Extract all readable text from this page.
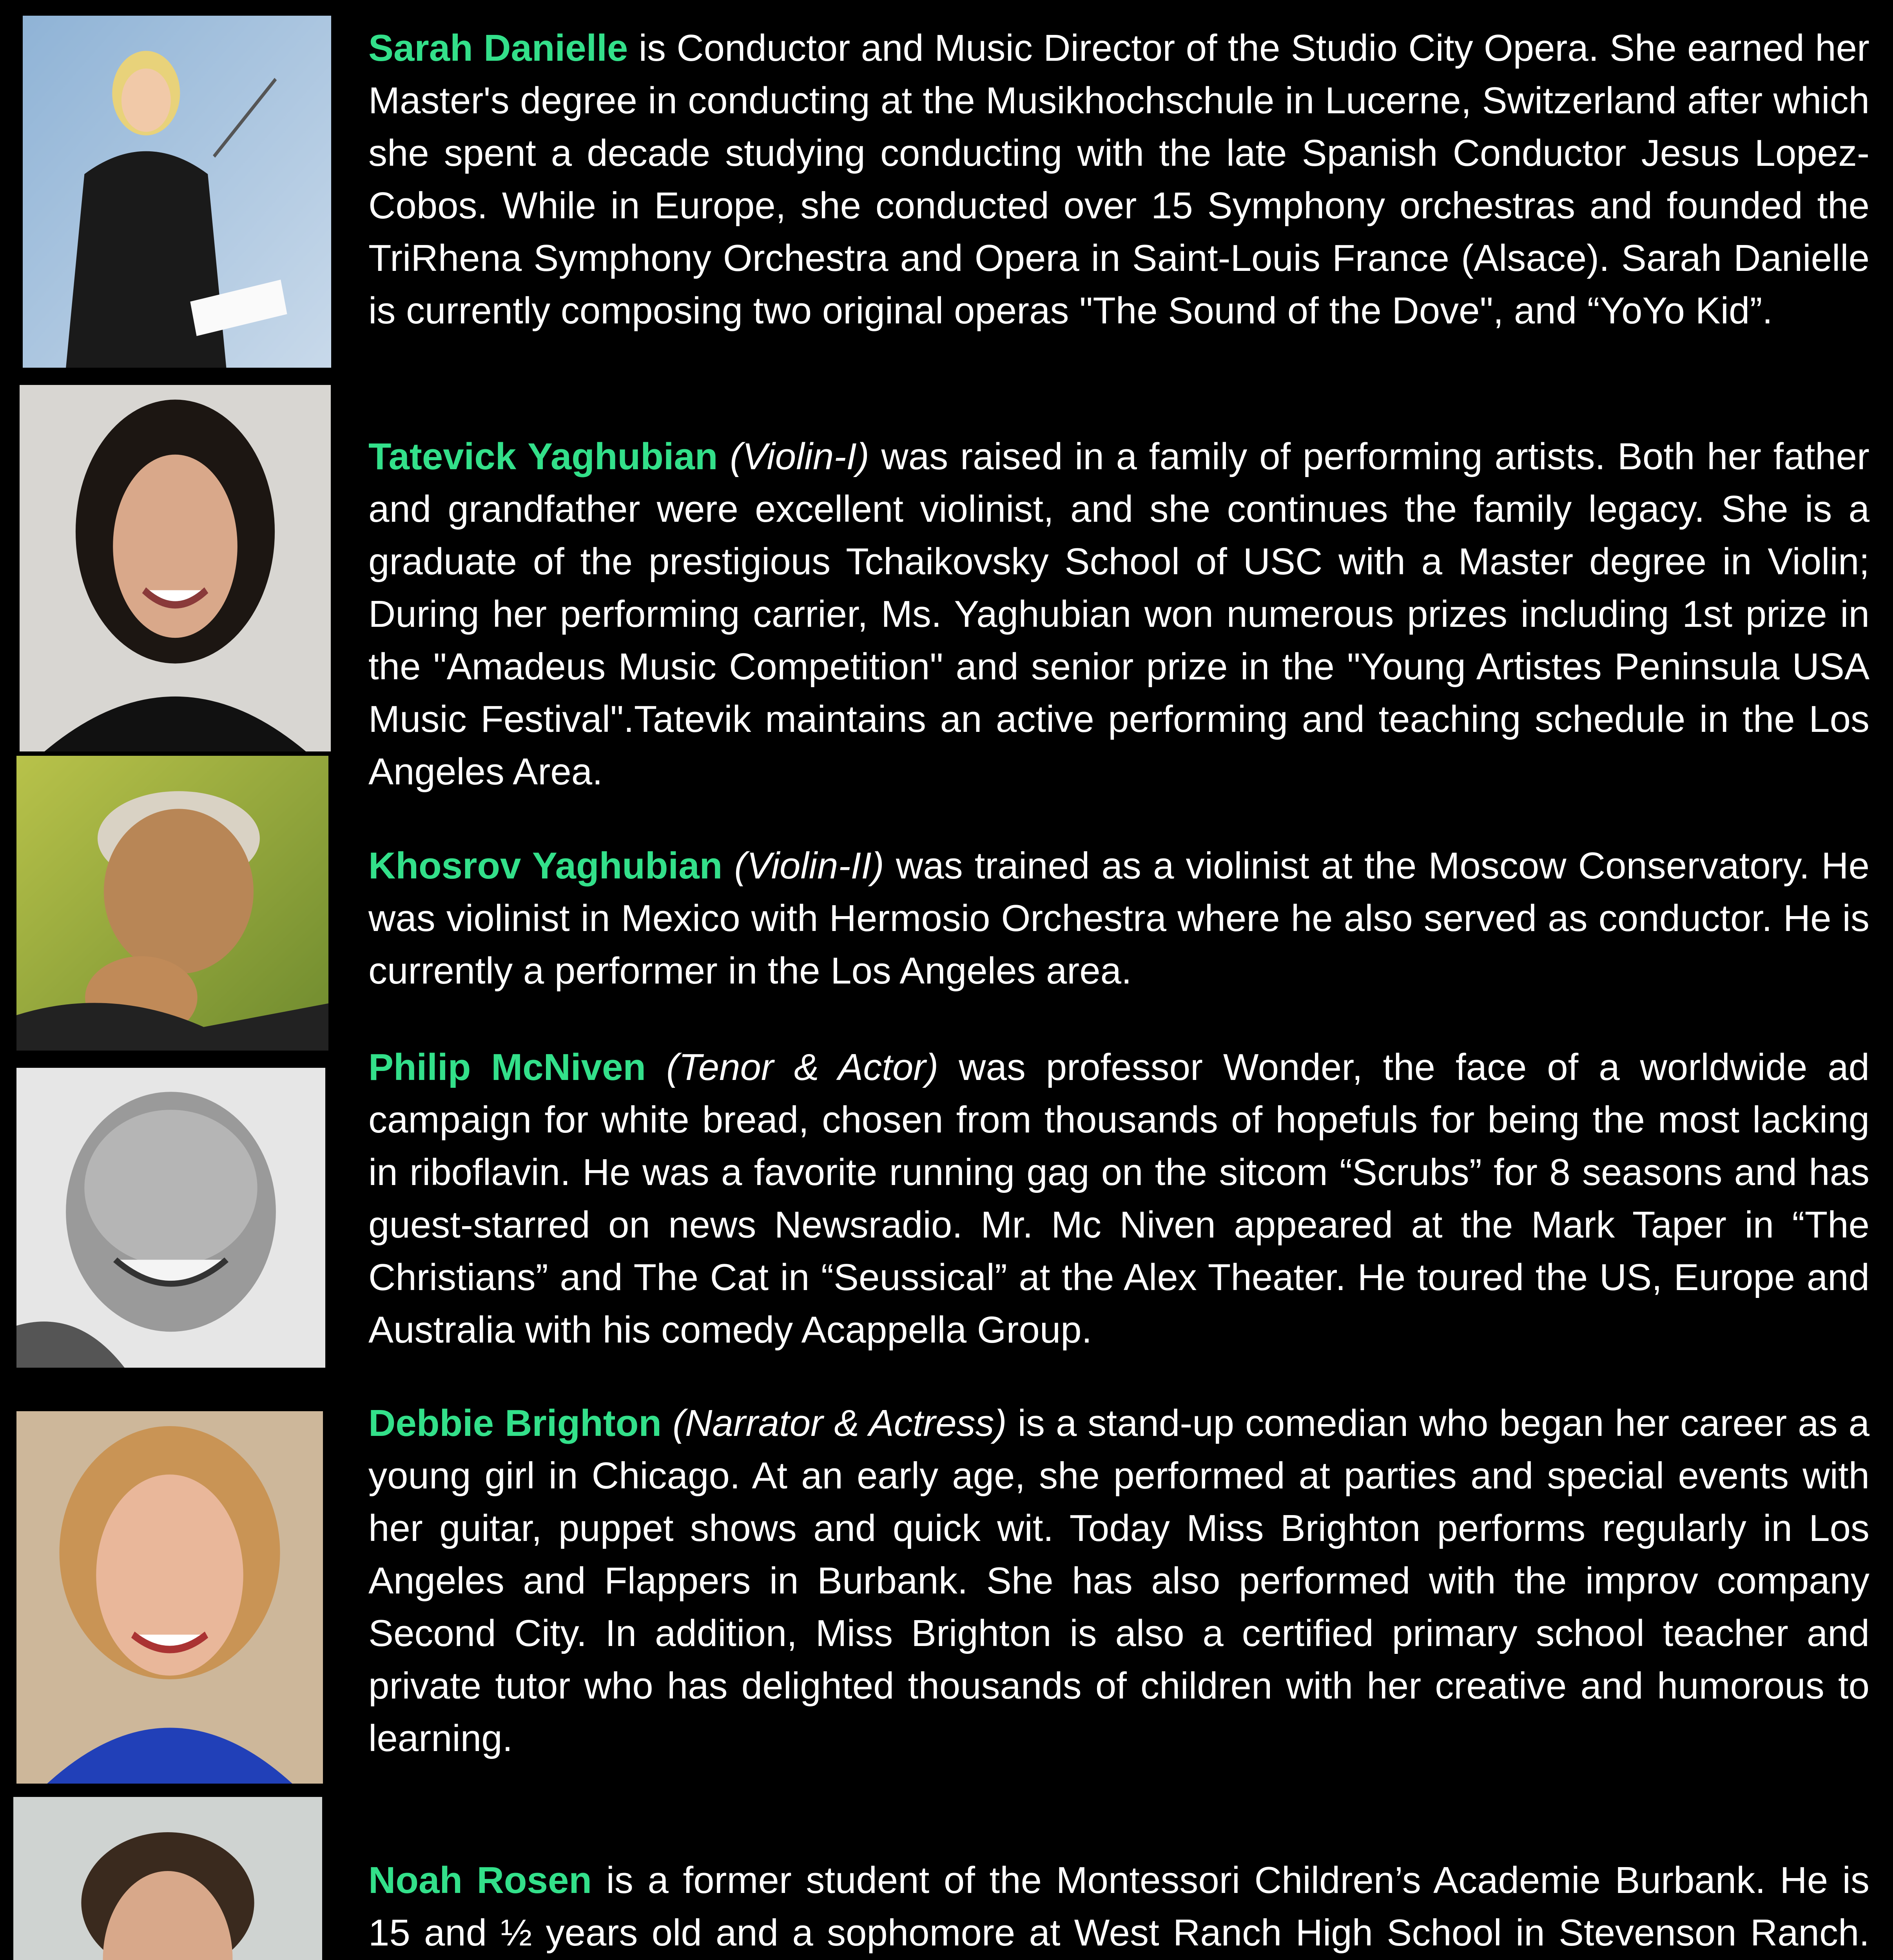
Sarah Danielle is Conductor and Music Director of the Studio City Opera. She earned her Master's degree in conducting at the Musikhochschule in Lucerne, Switzerland after which she spent a decade studying conducting with the late Spanish Conductor Jesus Lopez-Cobos. While in Europe, she conducted over 15 Symphony orchestras and founded the TriRhena Symphony Orchestra and Opera in Saint-Louis France (Alsace). Sarah Danielle is currently composing two original operas "The Sound of the Dove", and “YoYo Kid”.

Tatevick Yaghubian (Violin-I) was raised in a family of performing artists. Both her father and grandfather were excellent violinist, and she continues the family legacy. She is a graduate of the prestigious Tchaikovsky School of USC with a Master degree in Violin; During her performing carrier, Ms. Yaghubian won numerous prizes including 1st prize in the "Amadeus Music Competition" and senior prize in the "Young Artistes Peninsula USA Music Festival".Tatevik maintains an active performing and teaching schedule in the Los Angeles Area.

Khosrov Yaghubian (Violin-II) was trained as a violinist at the Moscow Conservatory. He was violinist in Mexico with Hermosio Orchestra where he also served as conductor. He is currently a performer in the Los Angeles area.

Philip McNiven (Tenor & Actor) was professor Wonder, the face of a worldwide ad campaign for white bread, chosen from thousands of hopefuls for being the most lacking in riboflavin. He was a favorite running gag on the sitcom “Scrubs” for 8 seasons and has guest-starred on news Newsradio. Mr. Mc Niven appeared at the Mark Taper in “The Christians” and The Cat in “Seussical” at the Alex Theater. He toured the US, Europe and Australia with his comedy Acappella Group.

Debbie Brighton (Narrator & Actress) is a stand-up comedian who began her career as a young girl in Chicago. At an early age, she performed at parties and special events with her guitar, puppet shows and quick wit. Today Miss Brighton performs regularly in Los Angeles and Flappers in Burbank. She has also performed with the improv company Second City. In addition, Miss Brighton is also a certified primary school teacher and private tutor who has delighted thousands of children with her creative and humorous to learning.

Noah Rosen is a former student of the Montessori Children’s Academie Burbank. He is 15 and ½ years old and a sophomore at West Ranch High School in Stevenson Ranch.
